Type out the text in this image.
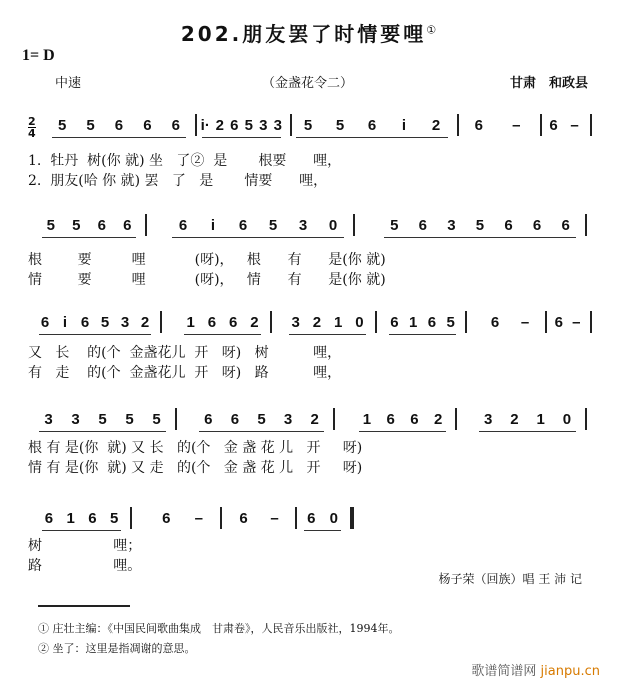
202.朋友罢了时情要哩①
1= D
中速	（金盏花令二）	甘肃　和政县
$\frac{2}{4} 5$ 5 6 6 6 i· 2 6 5 3 3 5 5 6 i 2 6 – 6 –
1.  牡丹  树(你 就) 坐   了②  是       根要      哩，
2.  朋友(哈 你 就) 罢   了   是       情要      哩，
5 5 6 6	6 i 6 5 3 0	5 6 3 5 6 6 6
根        要         哩           (呀)，   根      有      是(你 就)
情        要         哩           (呀)，   情      有      是(你 就)
6 i 6 5 3 2 1 6 6 2 3 2 1 0 6 1 6 5 6 – 6 –
又   长    的(个  金盏花儿  开   呀)   树          哩，
有   走    的(个  金盏花儿  开   呀)   路          哩，
3 3 5 5 5	6 6 5 3 2	1 6 6 2	3 2 1 0
根 有 是(你  就) 又 长   的(个   金 盏 花 儿   开     呀)
情 有 是(你  就) 又 走   的(个   金 盏 花 儿   开     呀)
6 1 6 5	6 – 6 – 6 0
树                哩；
路                哩。
杨子荣（回族）唱 王 沛 记
① 庄壮主编：《中国民间歌曲集成　甘肃卷》，人民音乐出版社，1994年。
② 坐了：这里是指凋谢的意思。
歌谱简谱网 jianpu.cn
